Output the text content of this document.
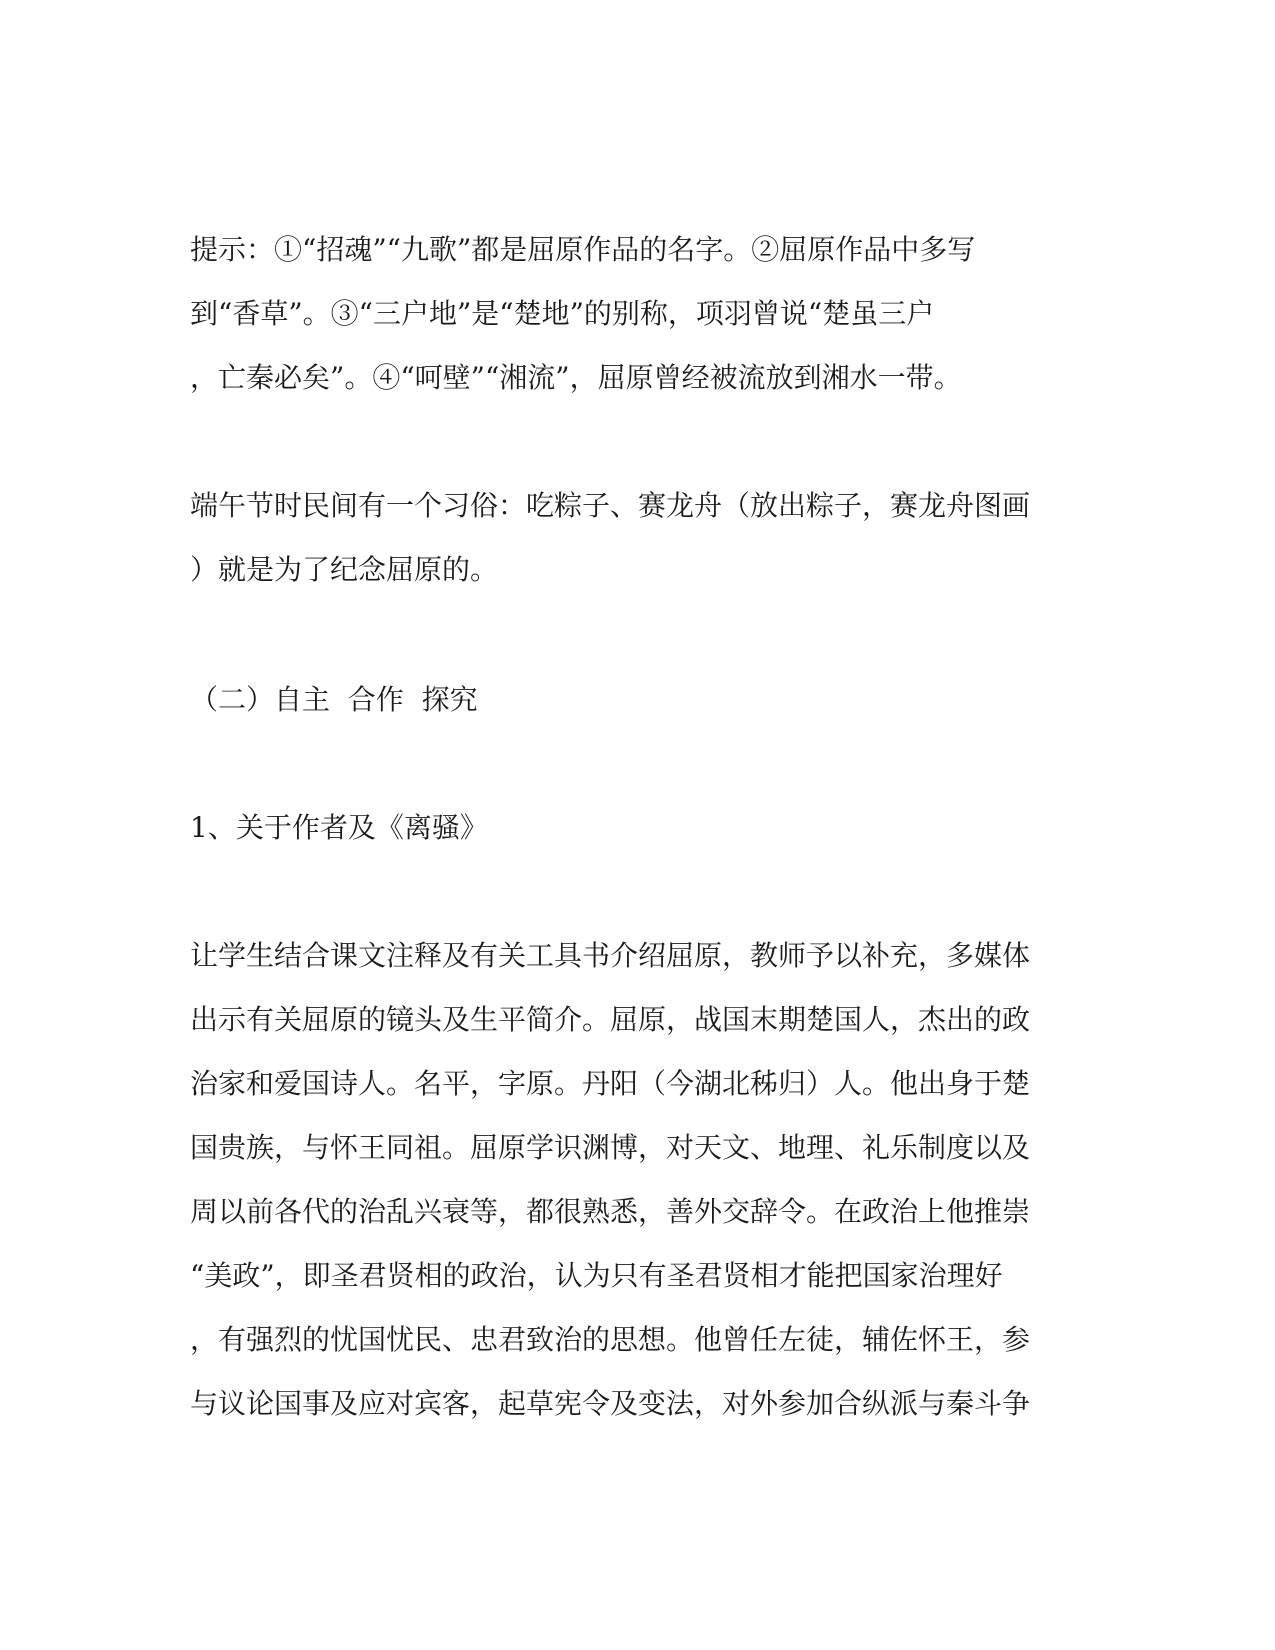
提示：①“招魂”“九歌”都是屈原作品的名字。②屈原作品中多写
到“香草”。③“三户地”是“楚地”的别称，项羽曾说“楚虽三户
，亡秦必矣”。④“呵壁”“湘流”，屈原曾经被流放到湘水一带。
端午节时民间有一个习俗：吃粽子、赛龙舟（放出粽子，赛龙舟图画
）就是为了纪念屈原的。
（二）自主  合作  探究
1、关于作者及《离骚》
让学生结合课文注释及有关工具书介绍屈原，教师予以补充，多媒体
出示有关屈原的镜头及生平简介。屈原，战国末期楚国人，杰出的政
治家和爱国诗人。名平，字原。丹阳（今湖北秭归）人。他出身于楚
国贵族，与怀王同祖。屈原学识渊博，对天文、地理、礼乐制度以及
周以前各代的治乱兴衰等，都很熟悉，善外交辞令。在政治上他推崇
“美政”，即圣君贤相的政治，认为只有圣君贤相才能把国家治理好
，有强烈的忧国忧民、忠君致治的思想。他曾任左徒，辅佐怀王，参
与议论国事及应对宾客，起草宪令及变法，对外参加合纵派与秦斗争
